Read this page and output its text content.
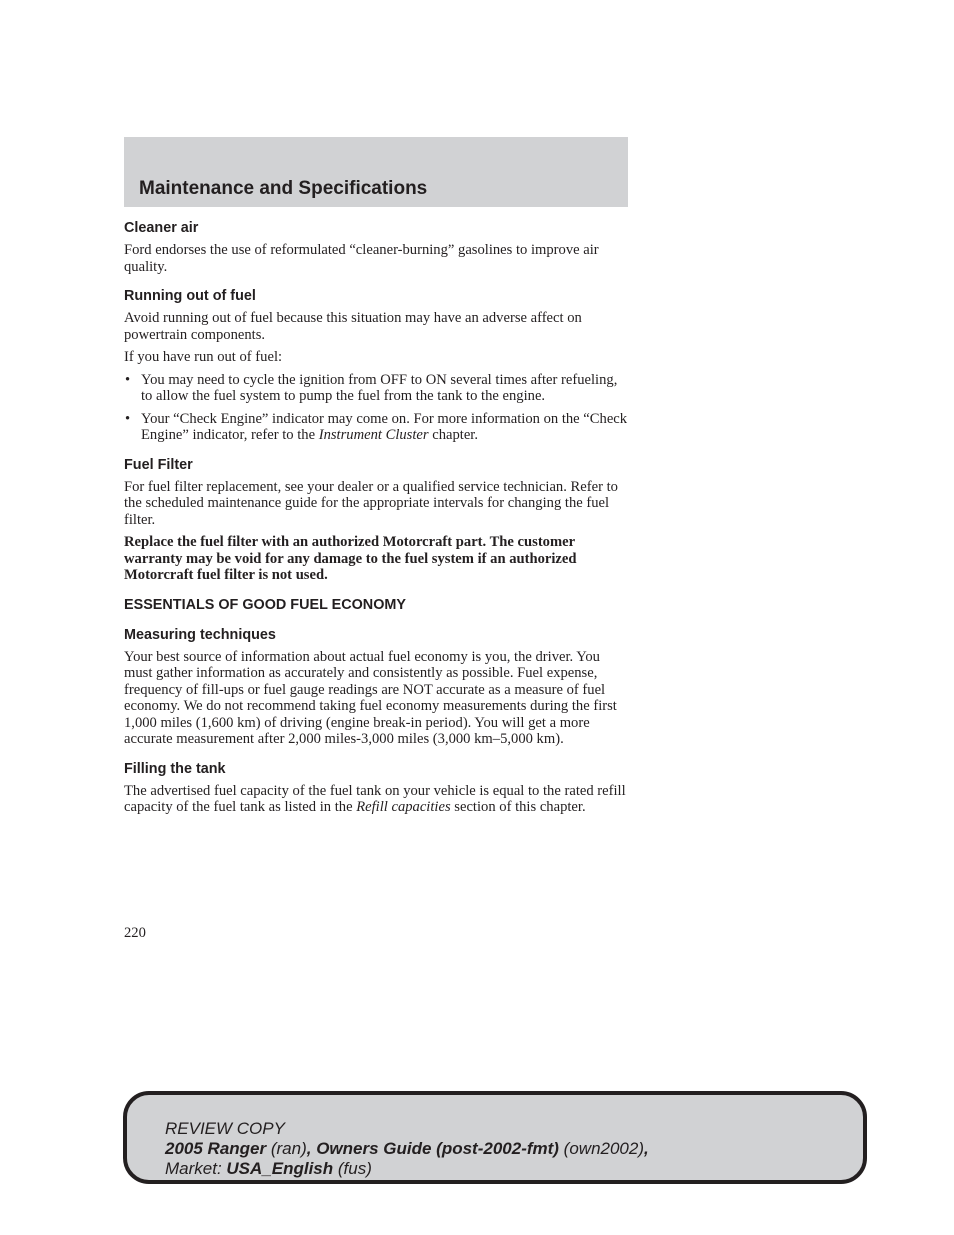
Maintenance and Specifications
Cleaner air

Ford endorses the use of reformulated “cleaner-burning” gasolines to improve air quality.

Running out of fuel

Avoid running out of fuel because this situation may have an adverse affect on powertrain components.

If you have run out of fuel:

• You may need to cycle the ignition from OFF to ON several times after refueling, to allow the fuel system to pump the fuel from the tank to the engine.
• Your “Check Engine” indicator may come on. For more information on the “Check Engine” indicator, refer to the Instrument Cluster chapter.
Fuel Filter

For fuel filter replacement, see your dealer or a qualified service technician. Refer to the scheduled maintenance guide for the appropriate intervals for changing the fuel filter.

Replace the fuel filter with an authorized Motorcraft part. The customer warranty may be void for any damage to the fuel system if an authorized Motorcraft fuel filter is not used.

ESSENTIALS OF GOOD FUEL ECONOMY
Measuring techniques

Your best source of information about actual fuel economy is you, the driver. You must gather information as accurately and consistently as possible. Fuel expense, frequency of fill-ups or fuel gauge readings are NOT accurate as a measure of fuel economy. We do not recommend taking fuel economy measurements during the first 1,000 miles (1,600 km) of driving (engine break-in period). You will get a more accurate measurement after 2,000 miles-3,000 miles (3,000 km–5,000 km).

Filling the tank

The advertised fuel capacity of the fuel tank on your vehicle is equal to the rated refill capacity of the fuel tank as listed in the Refill capacities section of this chapter.

220
REVIEW COPY
2005 Ranger (ran), Owners Guide (post-2002-fmt) (own2002),
Market: USA_English (fus)
